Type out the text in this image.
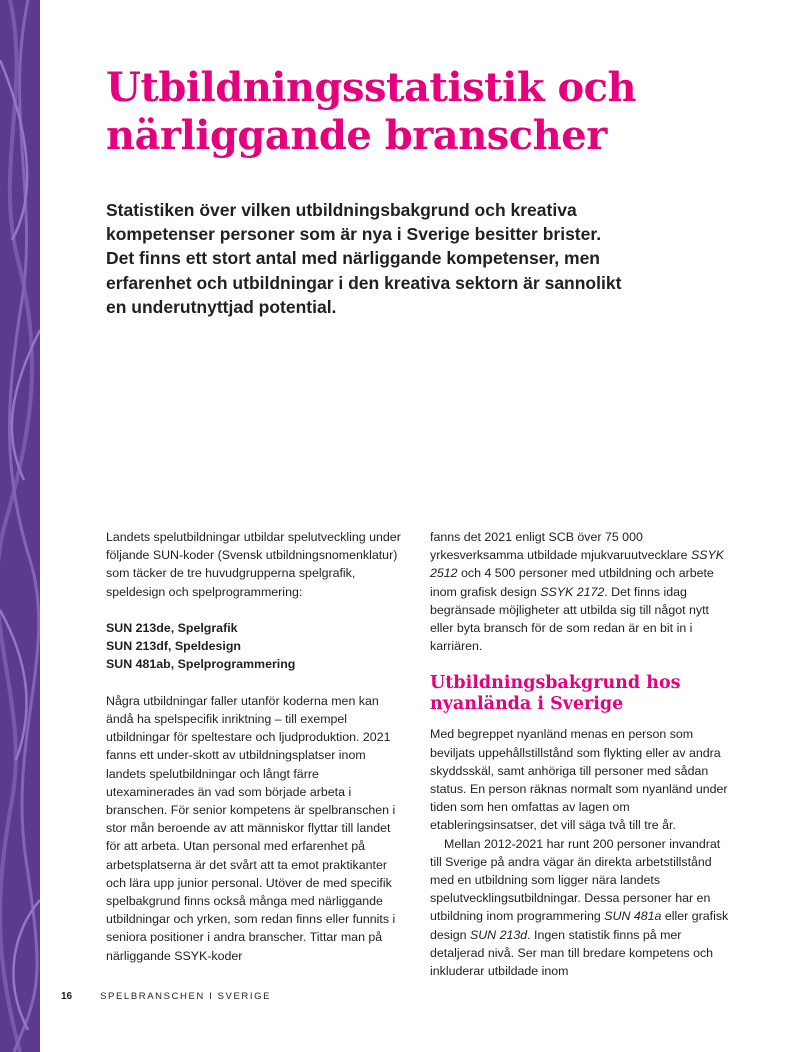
Utbildningsstatistik och närliggande branscher

Statistiken över vilken utbildningsbakgrund och kreativa kompetenser personer som är nya i Sverige besitter brister. Det finns ett stort antal med närliggande kompetenser, men erfarenhet och utbildningar i den kreativa sektorn är sannolikt en underutnyttjad potential.

Landets spelutbildningar utbildar spelutveckling under följande SUN-koder (Svensk utbildningsnomenklatur) som täcker de tre huvudgrupperna spelgrafik, speldesign och spelprogrammering:

SUN 213de, Spelgrafik
SUN 213df, Speldesign
SUN 481ab, Spelprogrammering

Några utbildningar faller utanför koderna men kan ändå ha spelspecifik inriktning – till exempel utbildningar för speltestare och ljudproduktion. 2021 fanns ett under-skott av utbildningsplatser inom landets spelutbildningar och långt färre utexaminerades än vad som började arbeta i branschen. För senior kompetens är spelbranschen i stor mån beroende av att människor flyttar till landet för att arbeta. Utan personal med erfarenhet på arbetsplatserna är det svårt att ta emot praktikanter och lära upp junior personal. Utöver de med specifik spelbakgrund finns också många med närliggande utbildningar och yrken, som redan finns eller funnits i seniora positioner i andra branscher. Tittar man på närliggande SSYK-koder

fanns det 2021 enligt SCB över 75 000 yrkesverksamma utbildade mjukvaruutvecklare SSYK 2512 och 4 500 personer med utbildning och arbete inom grafisk design SSYK 2172. Det finns idag begränsade möjligheter att utbilda sig till något nytt eller byta bransch för de som redan är en bit in i karriären.

Utbildningsbakgrund hos nyanlända i Sverige

Med begreppet nyanländ menas en person som beviljats uppehållstillstånd som flykting eller av andra skyddsskäl, samt anhöriga till personer med sådan status. En person räknas normalt som nyanländ under tiden som hen omfattas av lagen om etableringsinsatser, det vill säga två till tre år.

Mellan 2012-2021 har runt 200 personer invandrat till Sverige på andra vägar än direkta arbetstillstånd med en utbildning som ligger nära landets spelutvecklingsutbildningar. Dessa personer har en utbildning inom programmering SUN 481a eller grafisk design SUN 213d. Ingen statistik finns på mer detaljerad nivå. Ser man till bredare kompetens och inkluderar utbildade inom

16	SPELBRANSCHEN I SVERIGE
